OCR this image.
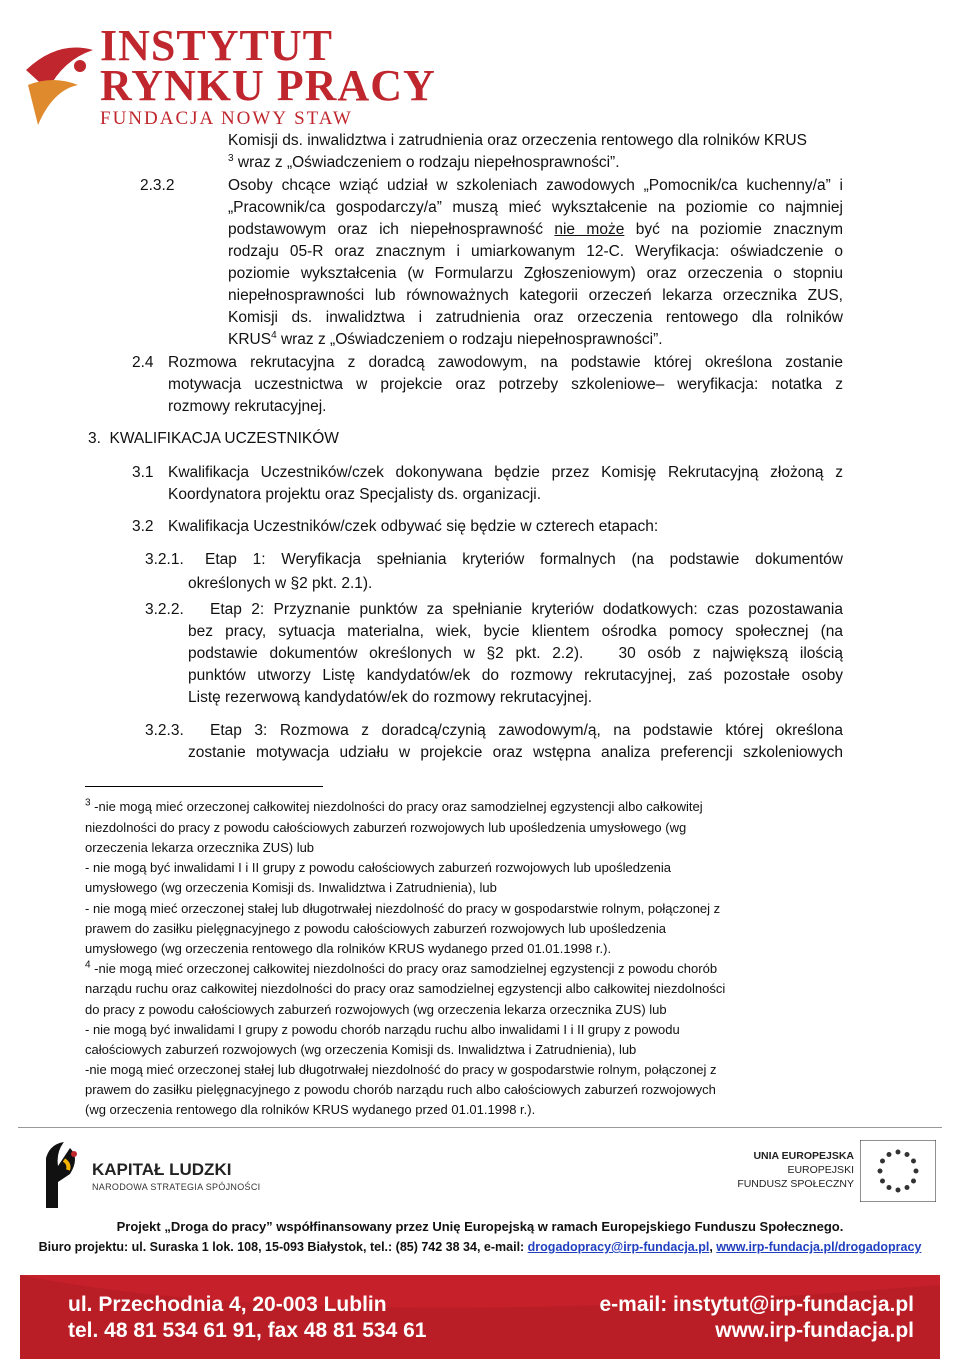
INSTYTUT
RYNKU PRACY
FUNDACJA NOWY STAW
Komisji ds. inwalidztwa i zatrudnienia oraz orzeczenia rentowego dla rolników KRUS
$^3$ wraz z „Oświadczeniem o rodzaju niepełnosprawności”.
2.3.2	Osoby chcące wziąć udział w szkoleniach zawodowych „Pomocnik/ca kuchenny/a” i
„Pracownik/ca gospodarczy/a” muszą mieć wykształcenie na poziomie co najmniej
podstawowym oraz ich niepełnosprawność nie może być na poziomie znacznym
rodzaju 05-R oraz znacznym i umiarkowanym 12-C. Weryfikacja: oświadczenie o
poziomie wykształcenia (w Formularzu Zgłoszeniowym) oraz orzeczenia o stopniu
niepełnosprawności lub równoważnych kategorii orzeczeń lekarza orzecznika ZUS,
Komisji ds. inwalidztwa i zatrudnienia oraz orzeczenia rentowego dla rolników
KRUS$^4$ wraz z „Oświadczeniem o rodzaju niepełnosprawności”.
2.4 Rozmowa rekrutacyjna z doradcą zawodowym, na podstawie której określona zostanie
motywacja uczestnictwa w projekcie oraz potrzeby szkoleniowe– weryfikacja: notatka z
rozmowy rekrutacyjnej.
3.  KWALIFIKACJA UCZESTNIKÓW
3.1 Kwalifikacja Uczestników/czek dokonywana będzie przez Komisję Rekrutacyjną złożoną z
Koordynatora projektu oraz Specjalisty ds. organizacji.
3.2 Kwalifikacja Uczestników/czek odbywać się będzie w czterech etapach:
3.2.1. Etap 1: Weryfikacja spełniania kryteriów formalnych (na podstawie dokumentów
określonych w §2 pkt. 2.1).
3.2.2. Etap 2: Przyznanie punktów za spełnianie kryteriów dodatkowych: czas pozostawania
bez pracy, sytuacja materialna, wiek, bycie klientem ośrodka pomocy społecznej (na
podstawie dokumentów określonych w §2 pkt. 2.2).   30 osób z największą ilością
punktów utworzy Listę kandydatów/ek do rozmowy rekrutacyjnej, zaś pozostałe osoby
Listę rezerwową kandydatów/ek do rozmowy rekrutacyjnej.
3.2.3. Etap 3: Rozmowa z doradcą/czynią zawodowym/ą, na podstawie której określona
zostanie motywacja udziału w projekcie oraz wstępna analiza preferencji szkoleniowych
$^3$ -nie mogą mieć orzeczonej całkowitej niezdolności do pracy oraz samodzielnej egzystencji albo całkowitej
niezdolności do pracy z powodu całościowych zaburzeń rozwojowych lub upośledzenia umysłowego (wg
orzeczenia lekarza orzecznika ZUS) lub
- nie mogą być inwalidami I i II grupy z powodu całościowych zaburzeń rozwojowych lub upośledzenia
umysłowego (wg orzeczenia Komisji ds. Inwalidztwa i Zatrudnienia), lub
- nie mogą mieć orzeczonej stałej lub długotrwałej niezdolność do pracy w gospodarstwie rolnym, połączonej z
prawem do zasiłku pielęgnacyjnego z powodu całościowych zaburzeń rozwojowych lub upośledzenia
umysłowego (wg orzeczenia rentowego dla rolników KRUS wydanego przed 01.01.1998 r.).
$^4$ -nie mogą mieć orzeczonej całkowitej niezdolności do pracy oraz samodzielnej egzystencji z powodu chorób
narządu ruchu oraz całkowitej niezdolności do pracy oraz samodzielnej egzystencji albo całkowitej niezdolności
do pracy z powodu całościowych zaburzeń rozwojowych (wg orzeczenia lekarza orzecznika ZUS) lub
- nie mogą być inwalidami I grupy z powodu chorób narządu ruchu albo inwalidami I i II grupy z powodu
całościowych zaburzeń rozwojowych (wg orzeczenia Komisji ds. Inwalidztwa i Zatrudnienia), lub
-nie mogą mieć orzeczonej stałej lub długotrwałej niezdolność do pracy w gospodarstwie rolnym, połączonej z
prawem do zasiłku pielęgnacyjnego z powodu chorób narządu ruch albo całościowych zaburzeń rozwojowych
(wg orzeczenia rentowego dla rolników KRUS wydanego przed 01.01.1998 r.).
KAPITAŁ LUDZKI
NARODOWA STRATEGIA SPÓJNOŚCI
UNIA EUROPEJSKA
EUROPEJSKI
FUNDUSZ SPOŁECZNY
Projekt „Droga do pracy” współfinansowany przez Unię Europejską w ramach Europejskiego Funduszu Społecznego.
Biuro projektu: ul. Suraska 1 lok. 108, 15-093 Białystok, tel.: (85) 742 38 34, e-mail: drogadopracy@irp-fundacja.pl, www.irp-fundacja.pl/drogadopracy
ul. Przechodnia 4, 20-003 Lublin
tel. 48 81 534 61 91, fax 48 81 534 61
e-mail: instytut@irp-fundacja.pl
www.irp-fundacja.pl
